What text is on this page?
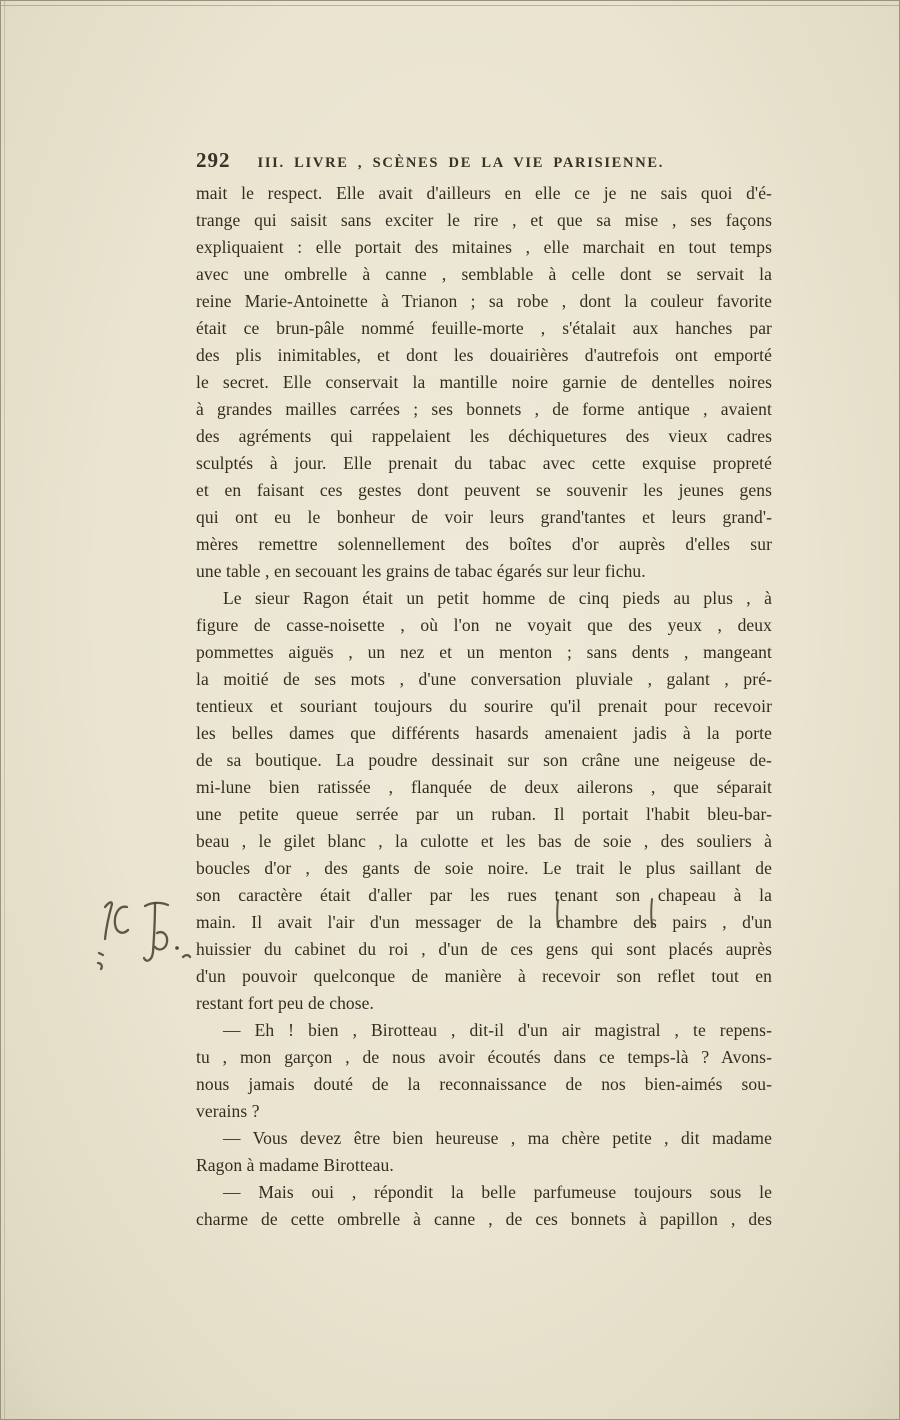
292 III. LIVRE , SCÈNES DE LA VIE PARISIENNE.
mait le respect. Elle avait d'ailleurs en elle ce je ne sais quoi d'é-
trange qui saisit sans exciter le rire , et que sa mise , ses façons
expliquaient : elle portait des mitaines , elle marchait en tout temps
avec une ombrelle à canne , semblable à celle dont se servait la
reine Marie-Antoinette à Trianon ; sa robe , dont la couleur favorite
était ce brun-pâle nommé feuille-morte , s'étalait aux hanches par
des plis inimitables, et dont les douairières d'autrefois ont emporté
le secret. Elle conservait la mantille noire garnie de dentelles noires
à grandes mailles carrées ; ses bonnets , de forme antique , avaient
des agréments qui rappelaient les déchiquetures des vieux cadres
sculptés à jour. Elle prenait du tabac avec cette exquise propreté
et en faisant ces gestes dont peuvent se souvenir les jeunes gens
qui ont eu le bonheur de voir leurs grand'tantes et leurs grand'-
mères remettre solennellement des boîtes d'or auprès d'elles sur
une table , en secouant les grains de tabac égarés sur leur fichu.
Le sieur Ragon était un petit homme de cinq pieds au plus , à
figure de casse-noisette , où l'on ne voyait que des yeux , deux
pommettes aiguës , un nez et un menton ; sans dents , mangeant
la moitié de ses mots , d'une conversation pluviale , galant , pré-
tentieux et souriant toujours du sourire qu'il prenait pour recevoir
les belles dames que différents hasards amenaient jadis à la porte
de sa boutique. La poudre dessinait sur son crâne une neigeuse de-
mi-lune bien ratissée , flanquée de deux ailerons , que séparait
une petite queue serrée par un ruban. Il portait l'habit bleu-bar-
beau , le gilet blanc , la culotte et les bas de soie , des souliers à
boucles d'or , des gants de soie noire. Le trait le plus saillant de
son caractère était d'aller par les rues tenant son chapeau à la
main. Il avait l'air d'un messager de la chambre des pairs , d'un
huissier du cabinet du roi , d'un de ces gens qui sont placés auprès
d'un pouvoir quelconque de manière à recevoir son reflet tout en
restant fort peu de chose.
— Eh ! bien , Birotteau , dit-il d'un air magistral , te repens-
tu , mon garçon , de nous avoir écoutés dans ce temps-là ? Avons-
nous jamais douté de la reconnaissance de nos bien-aimés sou-
verains ?
— Vous devez être bien heureuse , ma chère petite , dit madame
Ragon à madame Birotteau.
— Mais oui , répondit la belle parfumeuse toujours sous le
charme de cette ombrelle à canne , de ces bonnets à papillon , des
